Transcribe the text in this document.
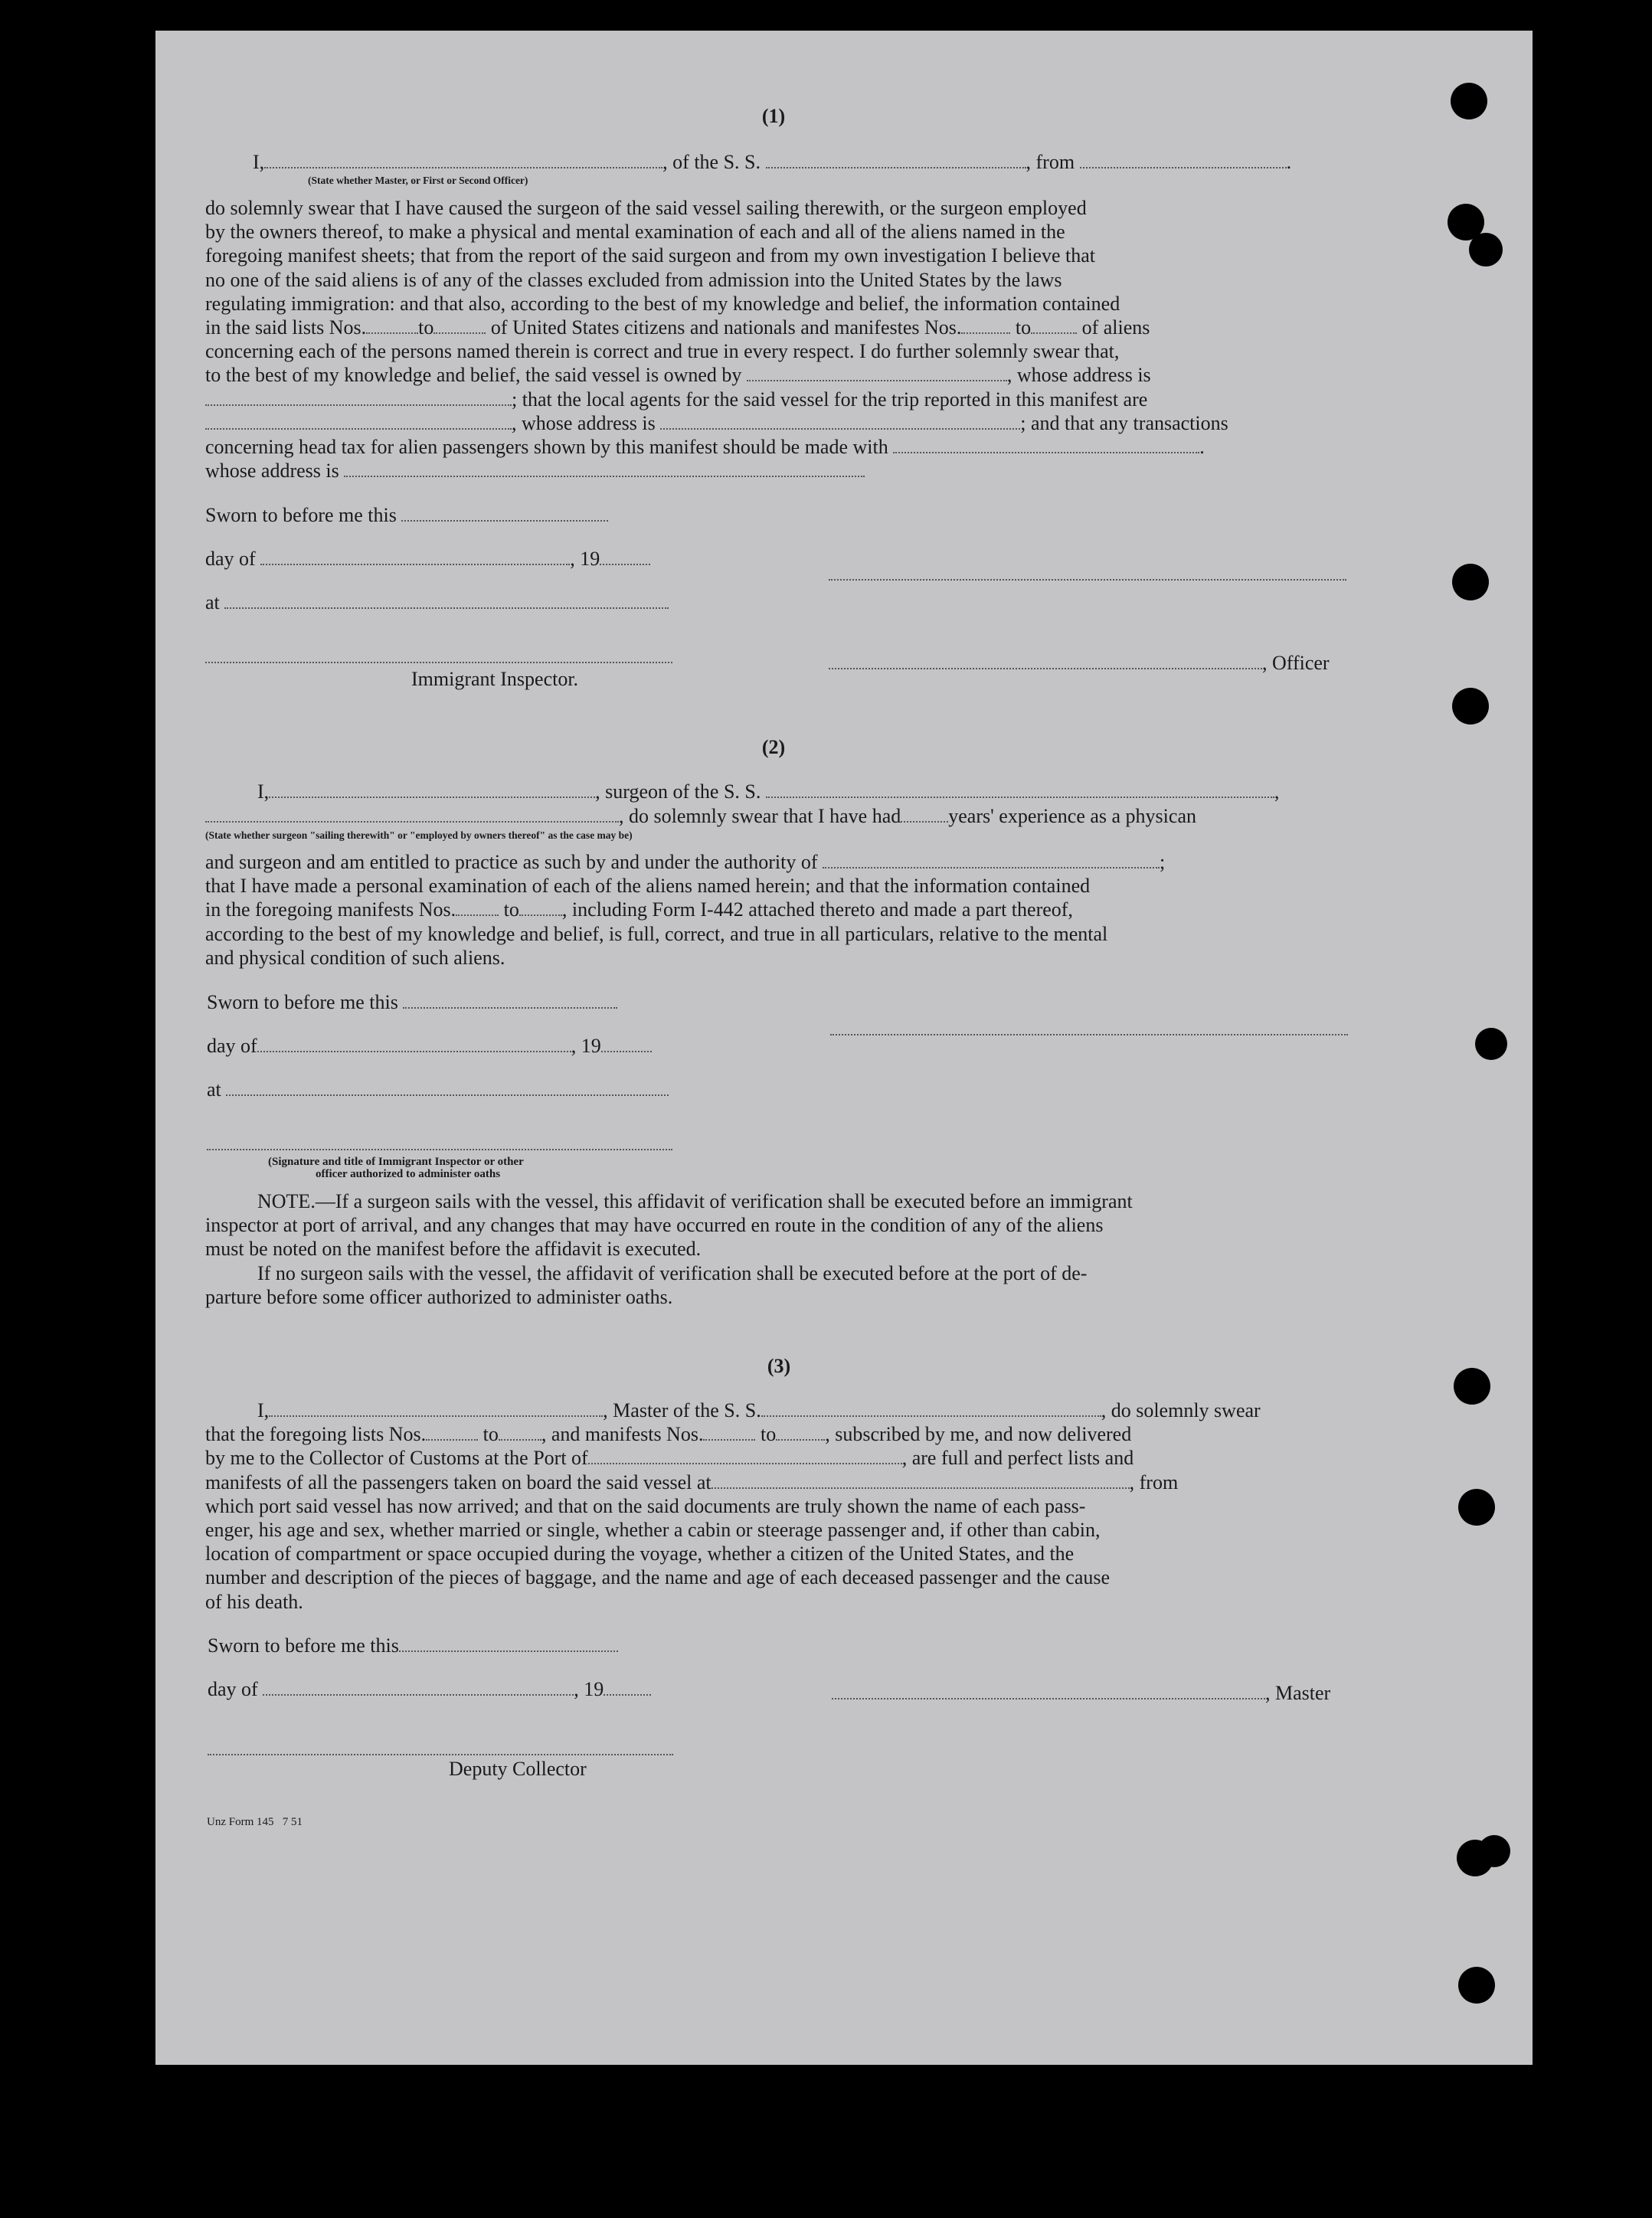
(1)
I,	, of the S. S.	, from	.
(State whether Master, or First or Second Officer)
do solemnly swear that I have caused the surgeon of the said vessel sailing therewith, or the surgeon employed
by the owners thereof, to make a physical and mental examination of each and all of the aliens named in the
foregoing manifest sheets; that from the report of the said surgeon and from my own investigation I believe that
no one of the said aliens is of any of the classes excluded from admission into the United States by the laws
regulating immigration: and that also, according to the best of my knowledge and belief, the information contained
in the said lists Nos.	to	of United States citizens and nationals and manifestes Nos.	to	of aliens
concerning each of the persons named therein is correct and true in every respect. I do further solemnly swear that,
to the best of my knowledge and belief, the said vessel is owned by	, whose address is
; that the local agents for the said vessel for the trip reported in this manifest are
, whose address is	; and that any transactions
concerning head tax for alien passengers shown by this manifest should be made with	.
whose address is
Sworn to before me this
day of	, 19
at
, Officer
Immigrant Inspector.
(2)
I,	, surgeon of the S. S.	,
, do solemnly swear that I have had years' experience as a physican
(State whether surgeon "sailing therewith" or "employed by owners thereof" as the case may be)
and surgeon and am entitled to practice as such by and under the authority of	;
that I have made a personal examination of each of the aliens named herein; and that the information contained
in the foregoing manifests Nos. to , including Form I-442 attached thereto and made a part thereof,
according to the best of my knowledge and belief, is full, correct, and true in all particulars, relative to the mental
and physical condition of such aliens.
Sworn to before me this
day of	, 19
at
(Signature and title of Immigrant Inspector or other
officer authorized to administer oaths
NOTE.—If a surgeon sails with the vessel, this affidavit of verification shall be executed before an immigrant
inspector at port of arrival, and any changes that may have occurred en route in the condition of any of the aliens
must be noted on the manifest before the affidavit is executed.
If no surgeon sails with the vessel, the affidavit of verification shall be executed before at the port of de-
parture before some officer authorized to administer oaths.
(3)
I,	, Master of the S. S.	, do solemnly swear
that the foregoing lists Nos.	to , and manifests Nos.	to , subscribed by me, and now delivered
by me to the Collector of Customs at the Port of	, are full and perfect lists and
manifests of all the passengers taken on board the said vessel at	, from
which port said vessel has now arrived; and that on the said documents are truly shown the name of each pass-
enger, his age and sex, whether married or single, whether a cabin or steerage passenger and, if other than cabin,
location of compartment or space occupied during the voyage, whether a citizen of the United States, and the
number and description of the pieces of baggage, and the name and age of each deceased passenger and the cause
of his death.
Sworn to before me this
day of	, 19	, Master
Deputy Collector
Unz Form 145   7 51
